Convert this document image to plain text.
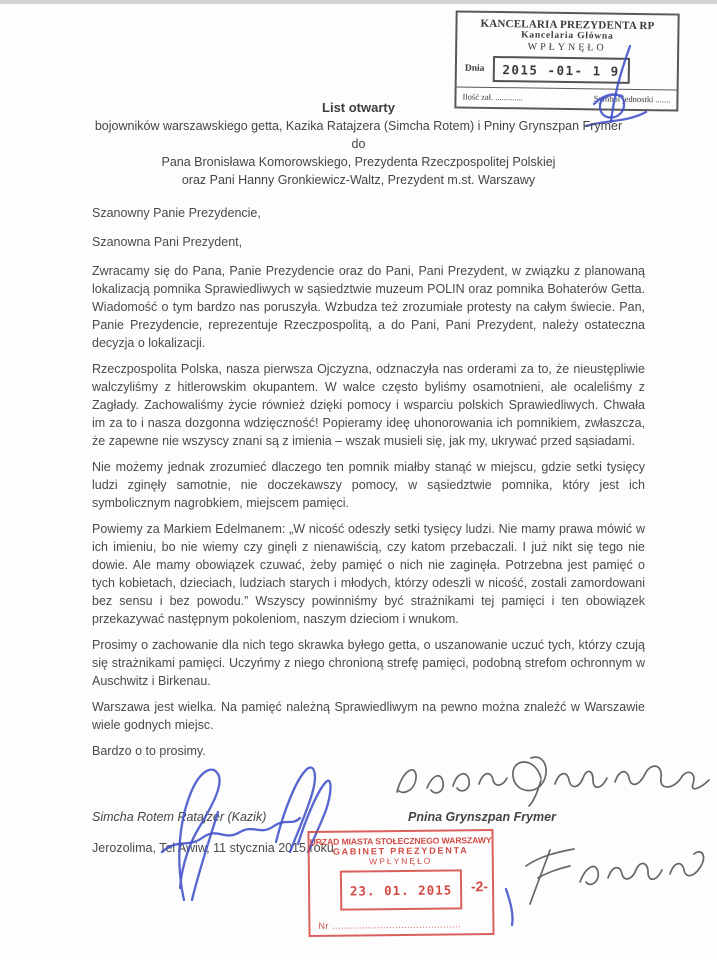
KANCELARIA PREZYDENTA RP
Kancelaria Główna
WPŁYNĘŁO
Dnia	2015 -01- 1 9
Ilość zał. .............	Symbol jednostki .......
List otwarty
bojowników warszawskiego getta, Kazika Ratajzera (Simcha Rotem) i Pniny Grynszpan Frymer
do
Pana Bronisława Komorowskiego, Prezydenta Rzeczpospolitej Polskiej
oraz Pani Hanny Gronkiewicz-Waltz, Prezydent m.st. Warszawy

Szanowny Panie Prezydencie,

Szanowna Pani Prezydent,

Zwracamy się do Pana, Panie Prezydencie oraz do Pani, Pani Prezydent, w związku z planowaną lokalizacją pomnika Sprawiedliwych w sąsiedztwie muzeum POLIN oraz pomnika Bohaterów Getta. Wiadomość o tym bardzo nas poruszyła. Wzbudza też zrozumiałe protesty na całym świecie. Pan, Panie Prezydencie, reprezentuje Rzeczpospolitą, a do Pani, Pani Prezydent, należy ostateczna decyzja o lokalizacji.

Rzeczpospolita Polska, nasza pierwsza Ojczyzna, odznaczyła nas orderami za to, że nieustępliwie walczyliśmy z hitlerowskim okupantem. W walce często byliśmy osamotnieni, ale ocaleliśmy z Zagłady. Zachowaliśmy życie również dzięki pomocy i wsparciu polskich Sprawiedliwych. Chwała im za to i nasza dozgonna wdzięczność! Popieramy ideę uhonorowania ich pomnikiem, zwłaszcza, że zapewne nie wszyscy znani są z imienia – wszak musieli się, jak my, ukrywać przed sąsiadami.

Nie możemy jednak zrozumieć dlaczego ten pomnik miałby stanąć w miejscu, gdzie setki tysięcy ludzi zginęły samotnie, nie doczekawszy pomocy, w sąsiedztwie pomnika, który jest ich symbolicznym nagrobkiem, miejscem pamięci.

Powiemy za Markiem Edelmanem: „W nicość odeszły setki tysięcy ludzi. Nie mamy prawa mówić w ich imieniu, bo nie wiemy czy ginęli z nienawiścią, czy katom przebaczali. I już nikt się tego nie dowie. Ale mamy obowiązek czuwać, żeby pamięć o nich nie zaginęła. Potrzebna jest pamięć o tych kobietach, dzieciach, ludziach starych i młodych, którzy odeszli w nicość, zostali zamordowani bez sensu i bez powodu.” Wszyscy powinniśmy być strażnikami tej pamięci i ten obowiązek przekazywać następnym pokoleniom, naszym dzieciom i wnukom.

Prosimy o zachowanie dla nich tego skrawka byłego getta, o uszanowanie uczuć tych, którzy czują się strażnikami pamięci. Uczyńmy z niego chronioną strefę pamięci, podobną strefom ochronnym w Auschwitz i Birkenau.

Warszawa jest wielka. Na pamięć należną Sprawiedliwym na pewno można znaleźć w Warszawie wiele godnych miejsc.

Bardzo o to prosimy.

Simcha Rotem Ratajzer (Kazik)	Pnina Grynszpan Frymer
Jerozolima, Tel Awiw, 11 stycznia 2015 roku
URZĄD MIASTA STOŁECZNEGO WARSZAWY
GABINET PREZYDENTA
WPŁYNĘŁO
23. 01. 2015	-2-
Nr ...........................................
